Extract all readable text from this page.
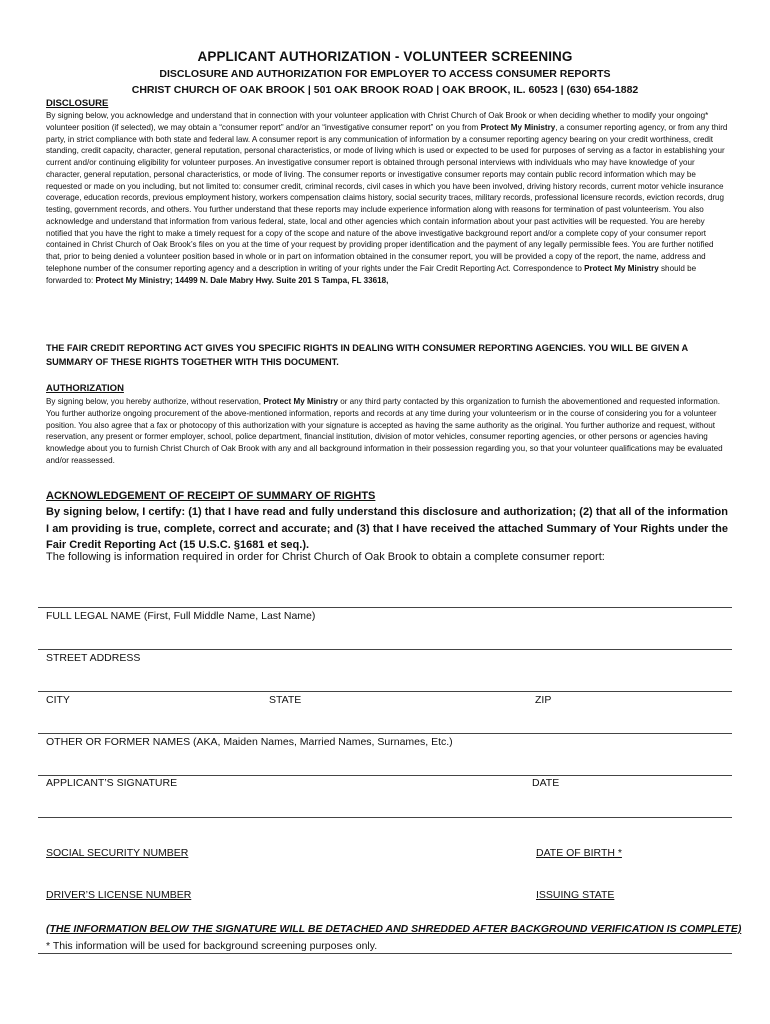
APPLICANT AUTHORIZATION - VOLUNTEER SCREENING
DISCLOSURE AND AUTHORIZATION FOR EMPLOYER TO ACCESS CONSUMER REPORTS
CHRIST CHURCH OF OAK BROOK | 501 OAK BROOK ROAD | OAK BROOK, IL. 60523 | (630) 654-1882
DISCLOSURE
By signing below, you acknowledge and understand that in connection with your volunteer application with Christ Church of Oak Brook or when deciding whether to modify your ongoing* volunteer position (if selected), we may obtain a “consumer report” and/or an “investigative consumer report” on you from Protect My Ministry, a consumer reporting agency, or from any third party, in strict compliance with both state and federal law. A consumer report is any communication of information by a consumer reporting agency bearing on your credit worthiness, credit standing, credit capacity, character, general reputation, personal characteristics, or mode of living which is used or expected to be used for purposes of serving as a factor in establishing your current and/or continuing eligibility for volunteer purposes. An investigative consumer report is obtained through personal interviews with individuals who may have knowledge of your character, general reputation, personal characteristics, or mode of living. The consumer reports or investigative consumer reports may contain public record information which may be requested or made on you including, but not limited to: consumer credit, criminal records, civil cases in which you have been involved, driving history records, current motor vehicle insurance coverage, education records, previous employment history, workers compensation claims history, social security traces, military records, professional licensure records, eviction records, drug testing, government records, and others. You further understand that these reports may include experience information along with reasons for termination of past volunteerism. You also acknowledge and understand that information from various federal, state, local and other agencies which contain information about your past activities will be requested. You are hereby notified that you have the right to make a timely request for a copy of the scope and nature of the above investigative background report and/or a complete copy of your consumer report contained in Christ Church of Oak Brook’s files on you at the time of your request by providing proper identification and the payment of any legally permissible fees. You are further notified that, prior to being denied a volunteer position based in whole or in part on information obtained in the consumer report, you will be provided a copy of the report, the name, address and telephone number of the consumer reporting agency and a description in writing of your rights under the Fair Credit Reporting Act. Correspondence to Protect My Ministry should be forwarded to: Protect My Ministry; 14499 N. Dale Mabry Hwy. Suite 201 S Tampa, FL 33618,
THE FAIR CREDIT REPORTING ACT GIVES YOU SPECIFIC RIGHTS IN DEALING WITH CONSUMER REPORTING AGENCIES. YOU WILL BE GIVEN A SUMMARY OF THESE RIGHTS TOGETHER WITH THIS DOCUMENT.
AUTHORIZATION
By signing below, you hereby authorize, without reservation, Protect My Ministry or any third party contacted by this organization to furnish the abovementioned and requested information. You further authorize ongoing procurement of the above-mentioned information, reports and records at any time during your volunteerism or in the course of considering you for a volunteer position. You also agree that a fax or photocopy of this authorization with your signature is accepted as having the same authority as the original. You further authorize and request, without reservation, any present or former employer, school, police department, financial institution, division of motor vehicles, consumer reporting agencies, or other persons or agencies having knowledge about you to furnish Christ Church of Oak Brook with any and all background information in their possession regarding you, so that your volunteer qualifications may be evaluated and/or reassessed.
ACKNOWLEDGEMENT OF RECEIPT OF SUMMARY OF RIGHTS
By signing below, I certify: (1) that I have read and fully understand this disclosure and authorization; (2) that all of the information I am providing is true, complete, correct and accurate; and (3) that I have received the attached Summary of Your Rights under the Fair Credit Reporting Act (15 U.S.C. §1681 et seq.).
The following is information required in order for Christ Church of Oak Brook to obtain a complete consumer report:
FULL LEGAL NAME (First, Full Middle Name, Last Name)
STREET ADDRESS
CITY	STATE	ZIP
OTHER OR FORMER NAMES (AKA, Maiden Names, Married Names, Surnames, Etc.)
APPLICANT’S SIGNATURE	DATE
SOCIAL SECURITY NUMBER	DATE OF BIRTH *
DRIVER’S LICENSE NUMBER	ISSUING STATE
(THE INFORMATION BELOW THE SIGNATURE WILL BE DETACHED AND SHREDDED AFTER BACKGROUND VERIFICATION IS COMPLETE)
* This information will be used for background screening purposes only.
